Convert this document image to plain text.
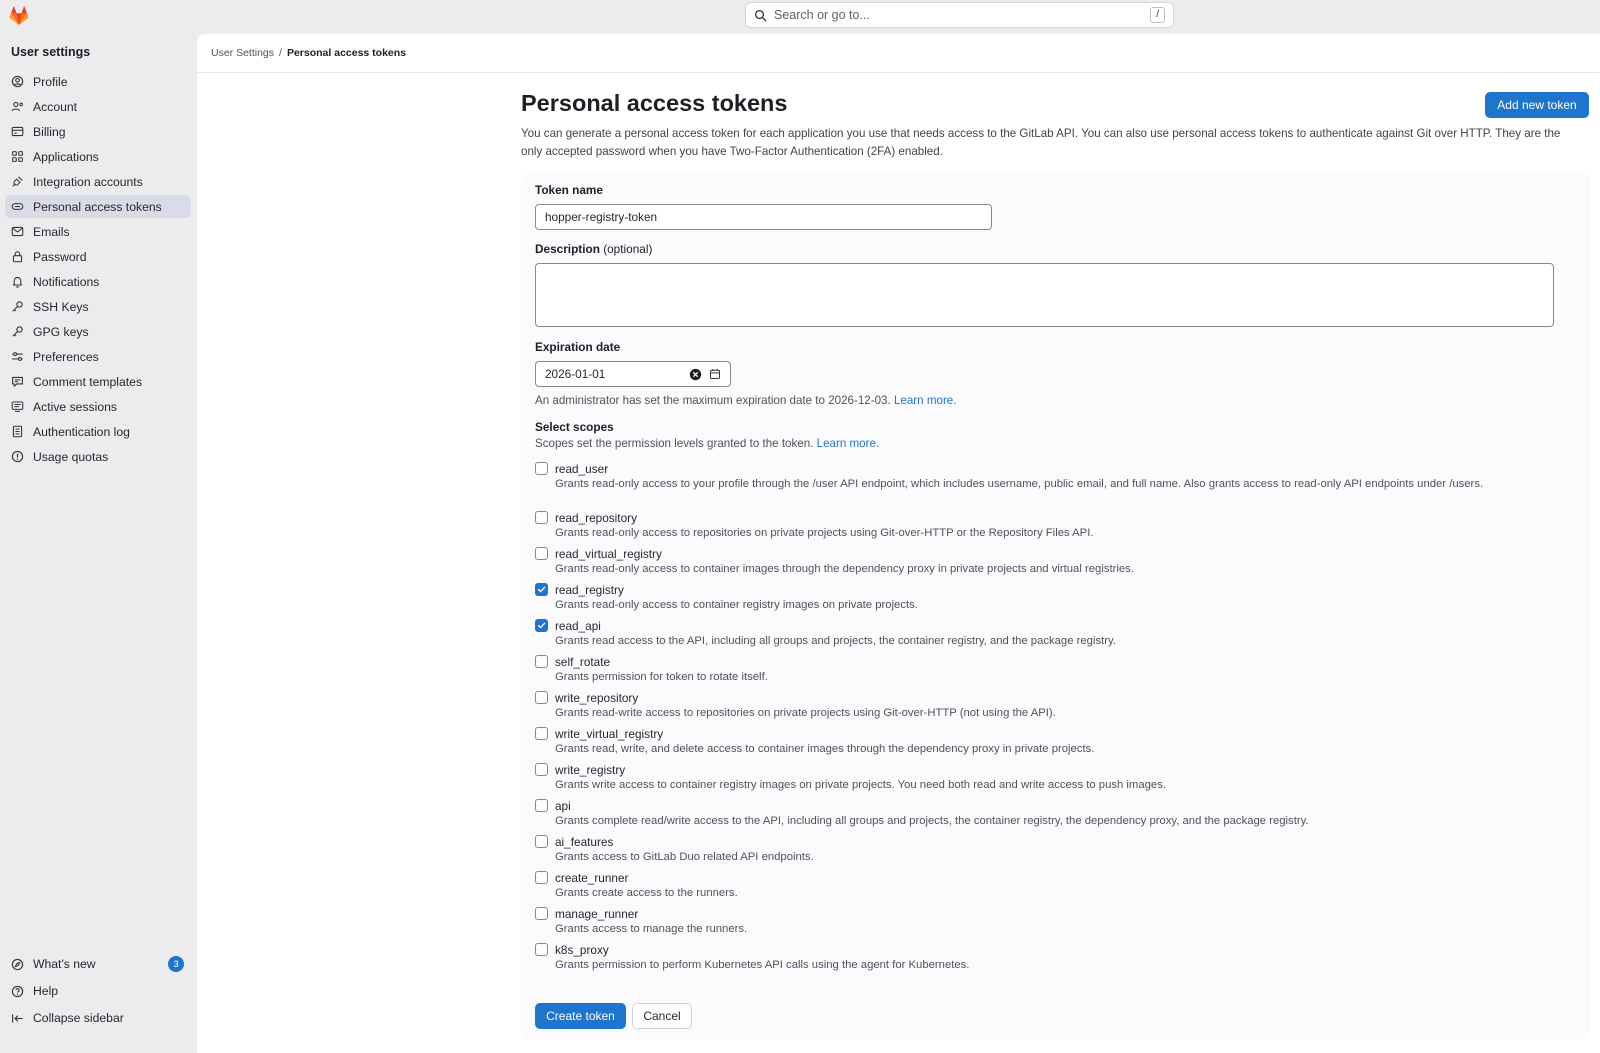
Search or go to...	/
User settings
Profile
Account
Billing
Applications
Integration accounts
Personal access tokens
Emails
Password
Notifications
SSH Keys
GPG keys
Preferences
Comment templates
Active sessions
Authentication log
Usage quotas
What's new	3
Help
Collapse sidebar
User Settings / Personal access tokens
Personal access tokens	Add new token
You can generate a personal access token for each application you use that needs access to the GitLab API. You can also use personal access tokens to authenticate against Git over HTTP. They are the only accepted password when you have Two-Factor Authentication (2FA) enabled.
Token name
hopper-registry-token
Description (optional)
Expiration date
2026-01-01
An administrator has set the maximum expiration date to 2026-12-03. Learn more.
Select scopes
Scopes set the permission levels granted to the token. Learn more.
read_user
Grants read-only access to your profile through the /user API endpoint, which includes username, public email, and full name. Also grants access to read-only API endpoints under /users.
read_repository
Grants read-only access to repositories on private projects using Git-over-HTTP or the Repository Files API.
read_virtual_registry
Grants read-only access to container images through the dependency proxy in private projects and virtual registries.
read_registry
Grants read-only access to container registry images on private projects.
read_api
Grants read access to the API, including all groups and projects, the container registry, and the package registry.
self_rotate
Grants permission for token to rotate itself.
write_repository
Grants read-write access to repositories on private projects using Git-over-HTTP (not using the API).
write_virtual_registry
Grants read, write, and delete access to container images through the dependency proxy in private projects.
write_registry
Grants write access to container registry images on private projects. You need both read and write access to push images.
api
Grants complete read/write access to the API, including all groups and projects, the container registry, the dependency proxy, and the package registry.
ai_features
Grants access to GitLab Duo related API endpoints.
create_runner
Grants create access to the runners.
manage_runner
Grants access to manage the runners.
k8s_proxy
Grants permission to perform Kubernetes API calls using the agent for Kubernetes.
Create token	Cancel
